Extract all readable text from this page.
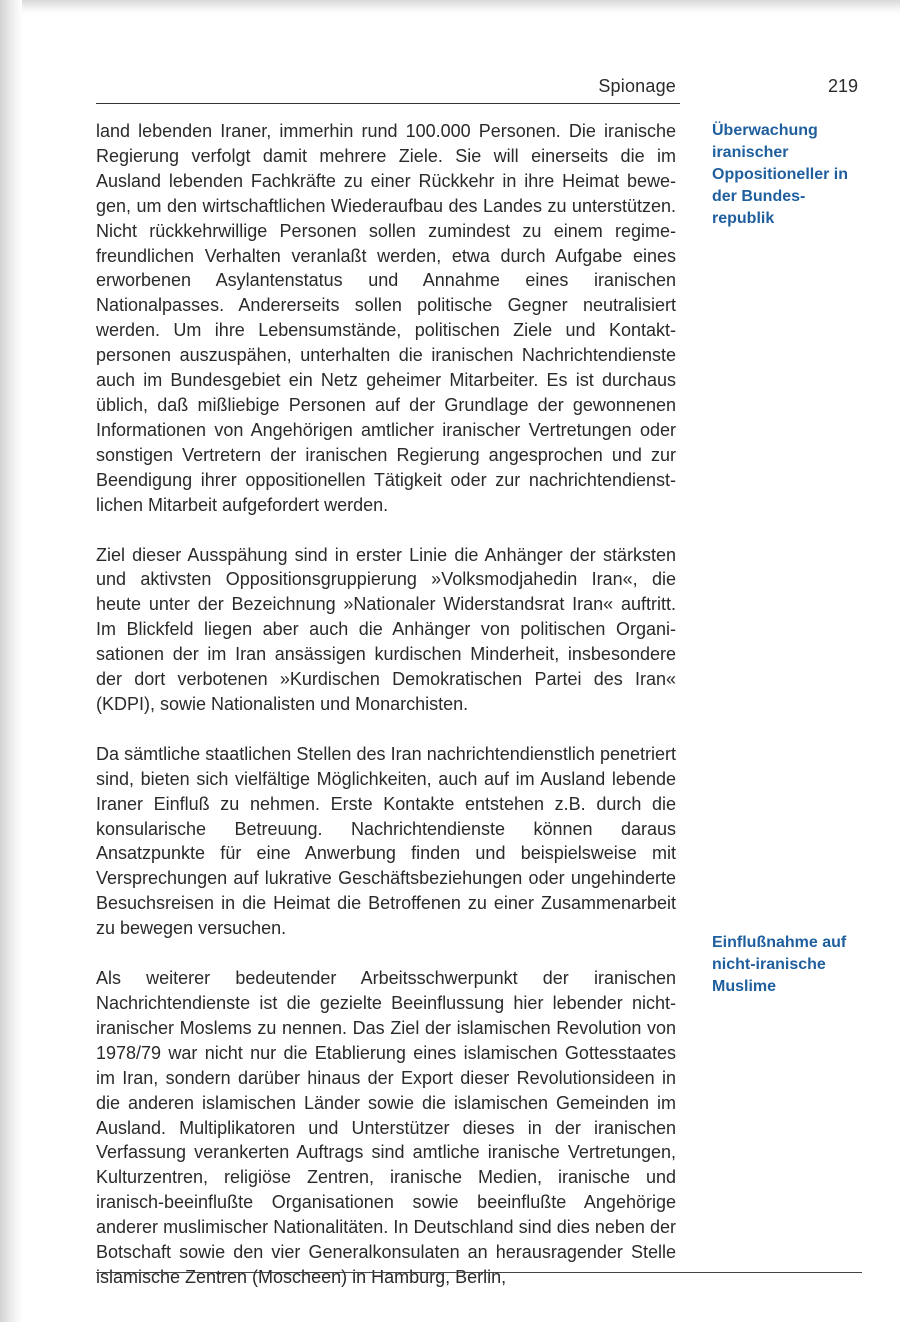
Spionage	219

land lebenden Iraner, immerhin rund 100.000 Personen. Die iranische Regierung verfolgt damit mehrere Ziele. Sie will einerseits die im Ausland lebenden Fachkräfte zu einer Rückkehr in ihre Heimat bewegen, um den wirtschaftlichen Wiederaufbau des Landes zu unterstützen. Nicht rückkehrwillige Personen sollen zumindest zu einem regimefreundlichen Verhalten veranlaßt werden, etwa durch Aufgabe eines erworbenen Asylantenstatus und Annahme eines iranischen Nationalpasses. Andererseits sollen politische Gegner neutralisiert werden. Um ihre Lebensumstände, politischen Ziele und Kontaktpersonen auszuspähen, unterhalten die iranischen Nachrichtendienste auch im Bundesgebiet ein Netz geheimer Mitarbeiter. Es ist durchaus üblich, daß mißliebige Personen auf der Grundlage der gewonnenen Informationen von Angehörigen amtlicher iranischer Vertretungen oder sonstigen Vertretern der iranischen Regierung angesprochen und zur Beendigung ihrer oppositionellen Tätigkeit oder zur nachrichtendienstlichen Mitarbeit aufgefordert werden.

Ziel dieser Ausspähung sind in erster Linie die Anhänger der stärksten und aktivsten Oppositionsgruppierung »Volksmodjahedin Iran«, die heute unter der Bezeichnung »Nationaler Widerstandsrat Iran« auftritt. Im Blickfeld liegen aber auch die Anhänger von politischen Organisationen der im Iran ansässigen kurdischen Minderheit, insbesondere der dort verbotenen »Kurdischen Demokratischen Partei des Iran« (KDPI), sowie Nationalisten und Monarchisten.

Da sämtliche staatlichen Stellen des Iran nachrichtendienstlich penetriert sind, bieten sich vielfältige Möglichkeiten, auch auf im Ausland lebende Iraner Einfluß zu nehmen. Erste Kontakte entstehen z.B. durch die konsularische Betreuung. Nachrichtendienste können daraus Ansatzpunkte für eine Anwerbung finden und beispielsweise mit Versprechungen auf lukrative Geschäftsbeziehungen oder ungehinderte Besuchsreisen in die Heimat die Betroffenen zu einer Zusammenarbeit zu bewegen versuchen.

Als weiterer bedeutender Arbeitsschwerpunkt der iranischen Nachrichtendienste ist die gezielte Beeinflussung hier lebender nichtiranischer Moslems zu nennen. Das Ziel der islamischen Revolution von 1978/79 war nicht nur die Etablierung eines islamischen Gottesstaates im Iran, sondern darüber hinaus der Export dieser Revolutionsideen in die anderen islamischen Länder sowie die islamischen Gemeinden im Ausland. Multiplikatoren und Unterstützer dieses in der iranischen Verfassung verankerten Auftrags sind amtliche iranische Vertretungen, Kulturzentren, religiöse Zentren, iranische Medien, iranische und iranisch-beeinflußte Organisationen sowie beeinflußte Angehörige anderer muslimischer Nationalitäten. In Deutschland sind dies neben der Botschaft sowie den vier Generalkonsulaten an herausragender Stelle islamische Zentren (Moscheen) in Hamburg, Berlin,

Überwachung iranischer Oppositioneller in der Bundesrepublik
Einflußnahme auf nicht-iranische Muslime
